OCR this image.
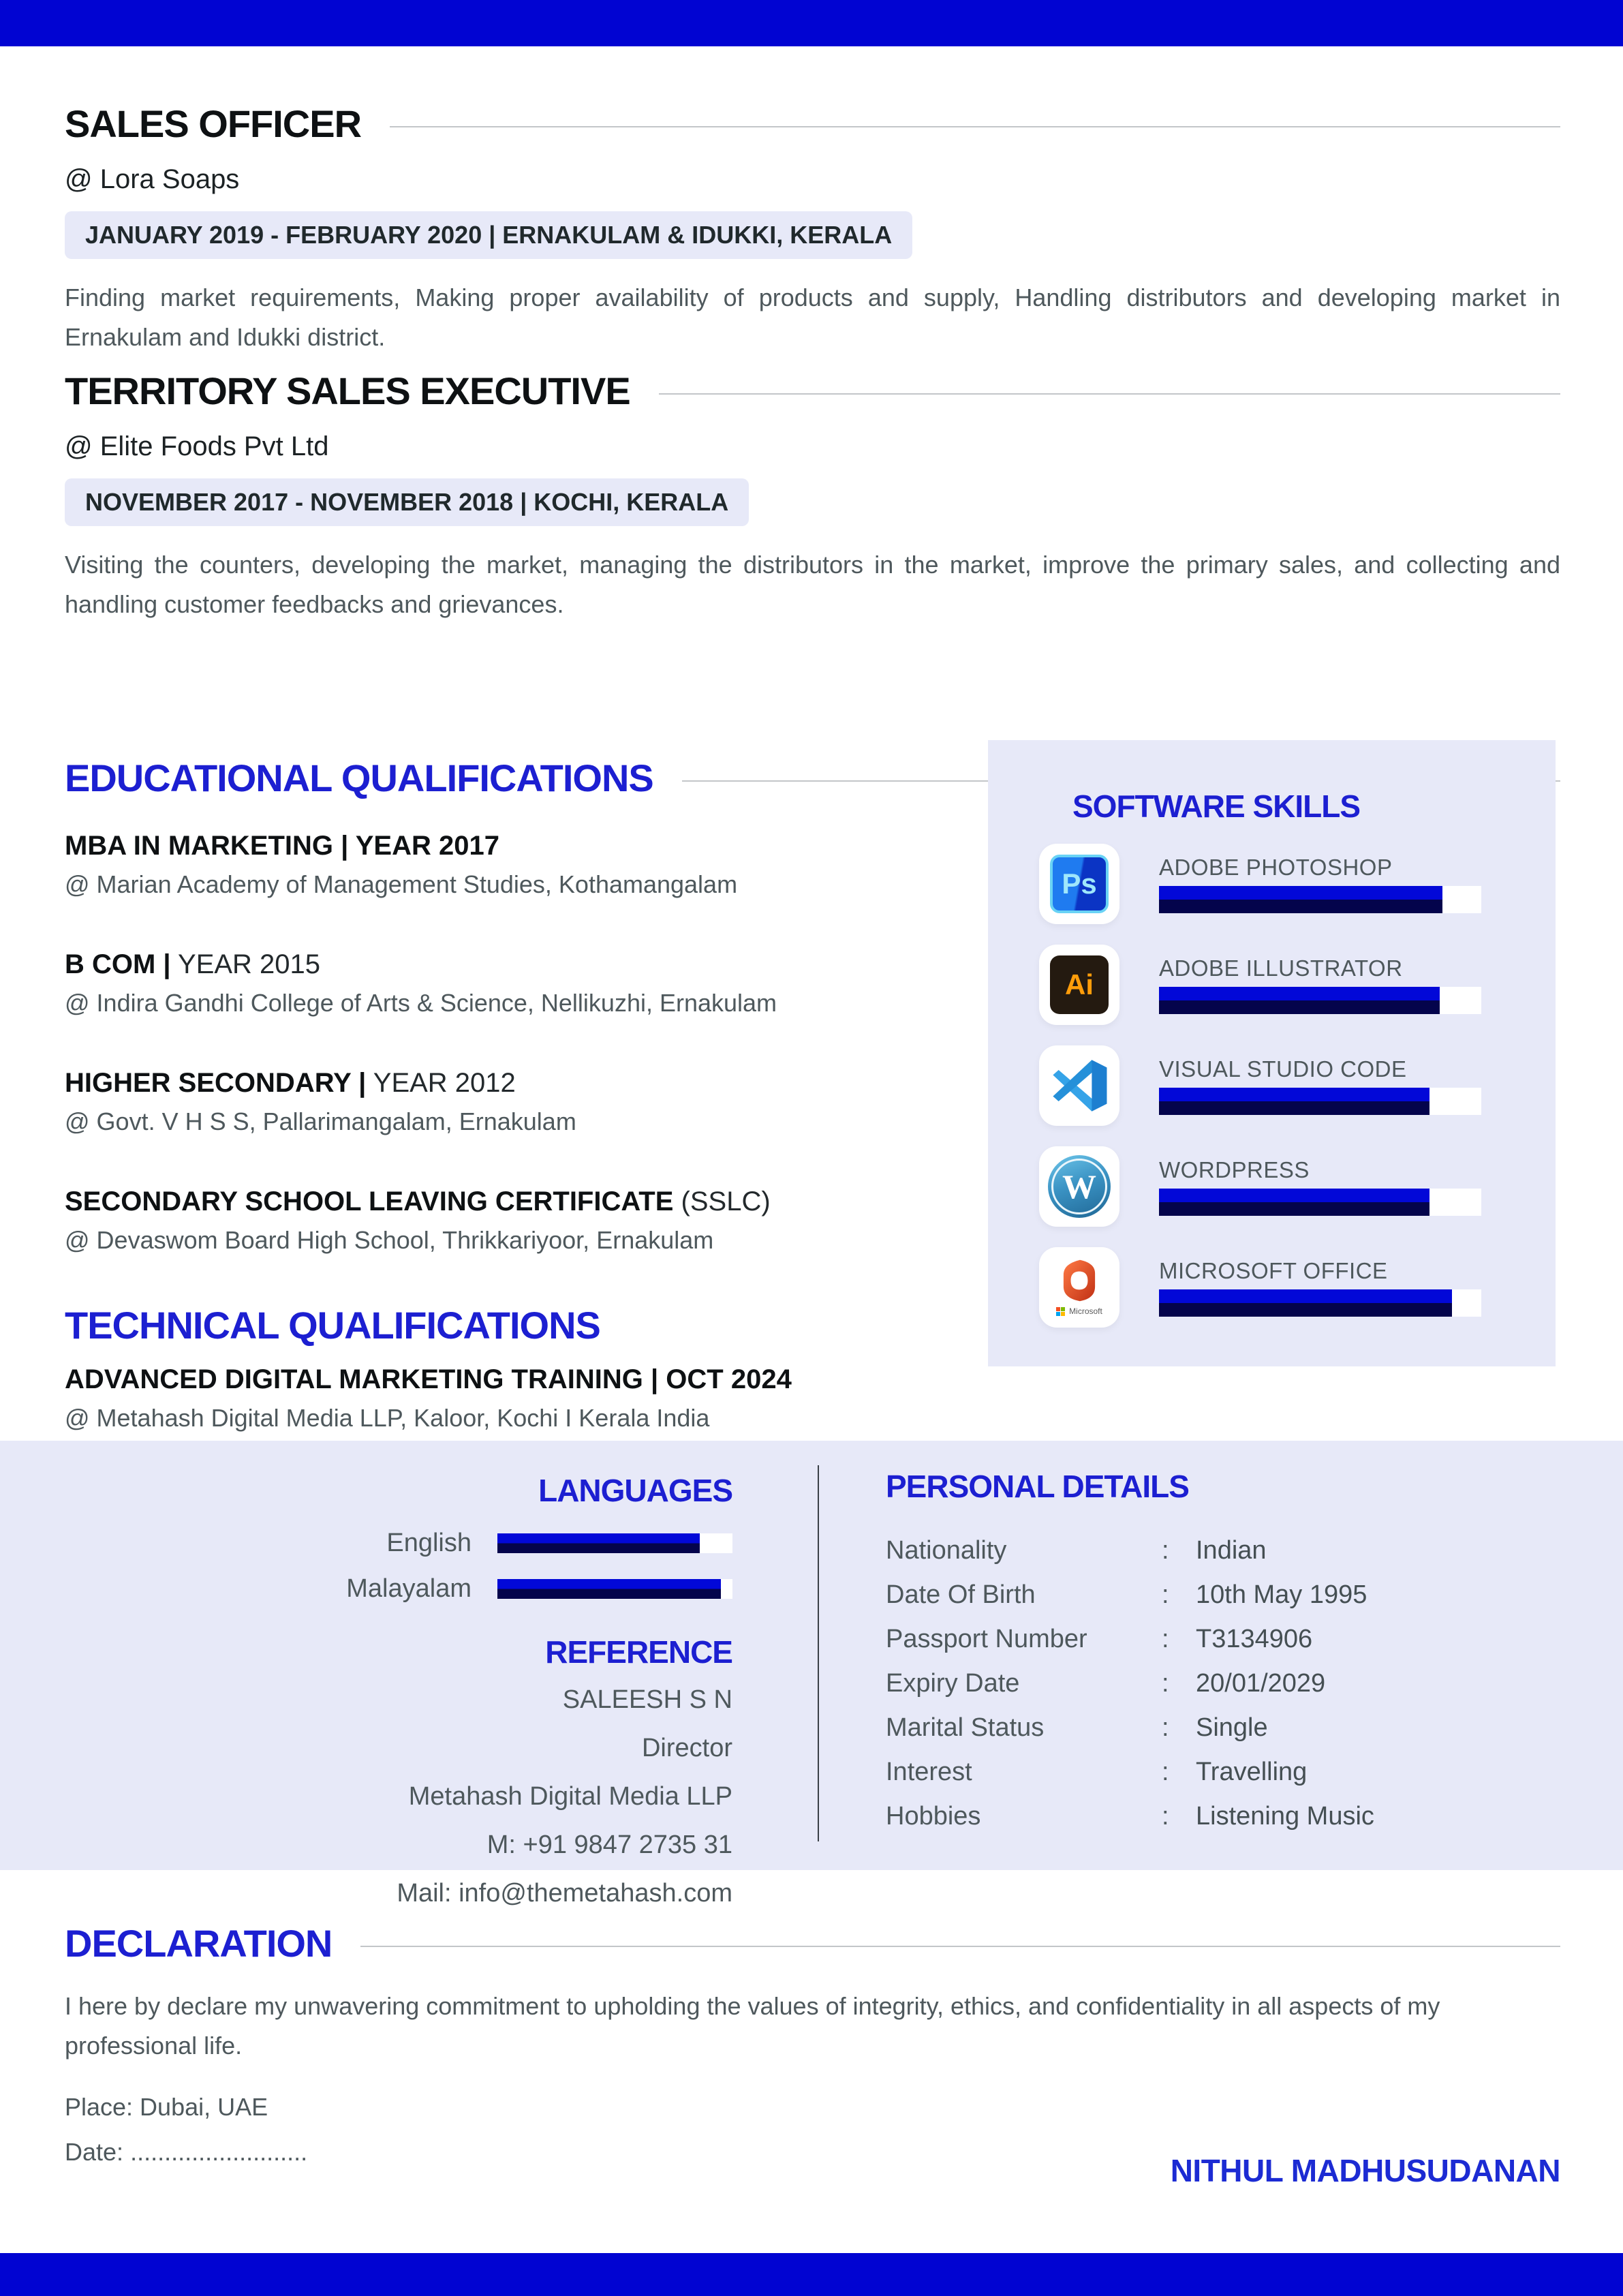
SALES OFFICER
@ Lora Soaps
JANUARY 2019 - FEBRUARY 2020 | ERNAKULAM & IDUKKI, KERALA
Finding market requirements, Making proper availability of products and supply, Handling distributors and developing market in Ernakulam and Idukki district.
TERRITORY SALES EXECUTIVE
@ Elite Foods Pvt Ltd
NOVEMBER 2017 - NOVEMBER 2018 | KOCHI, KERALA
Visiting the counters, developing the market, managing the distributors in the market, improve the primary sales, and collecting and handling customer feedbacks and grievances.
EDUCATIONAL QUALIFICATIONS
MBA IN MARKETING | YEAR 2017
@ Marian Academy of Management Studies, Kothamangalam
B COM | YEAR 2015
@ Indira Gandhi College of Arts & Science, Nellikuzhi, Ernakulam
HIGHER SECONDARY | YEAR 2012
@ Govt. V H S S, Pallarimangalam, Ernakulam
SECONDARY SCHOOL LEAVING CERTIFICATE (SSLC)
@ Devaswom Board High School, Thrikkariyoor, Ernakulam
TECHNICAL QUALIFICATIONS
ADVANCED DIGITAL MARKETING TRAINING | OCT 2024
@ Metahash Digital Media LLP, Kaloor, Kochi I Kerala India
SOFTWARE SKILLS
Ps
ADOBE PHOTOSHOP
Ai
ADOBE ILLUSTRATOR
VISUAL STUDIO CODE
W	WORDPRESS
Microsoft
MICROSOFT OFFICE
LANGUAGES
English
Malayalam
REFERENCE
SALEESH S N
Director
Metahash Digital Media LLP
M: +91 9847 2735 31
Mail: info@themetahash.com
PERSONAL DETAILS
Nationality	:	Indian
Date Of Birth	:	10th May 1995
Passport Number	:	T3134906
Expiry Date	:	20/01/2029
Marital Status	:	Single
Interest	:	Travelling
Hobbies	:	Listening Music
DECLARATION
I here by declare my unwavering commitment to upholding the values of integrity, ethics, and confidentiality in all aspects of my professional life.
Place: Dubai, UAE
Date: ..........................
NITHUL MADHUSUDANAN
